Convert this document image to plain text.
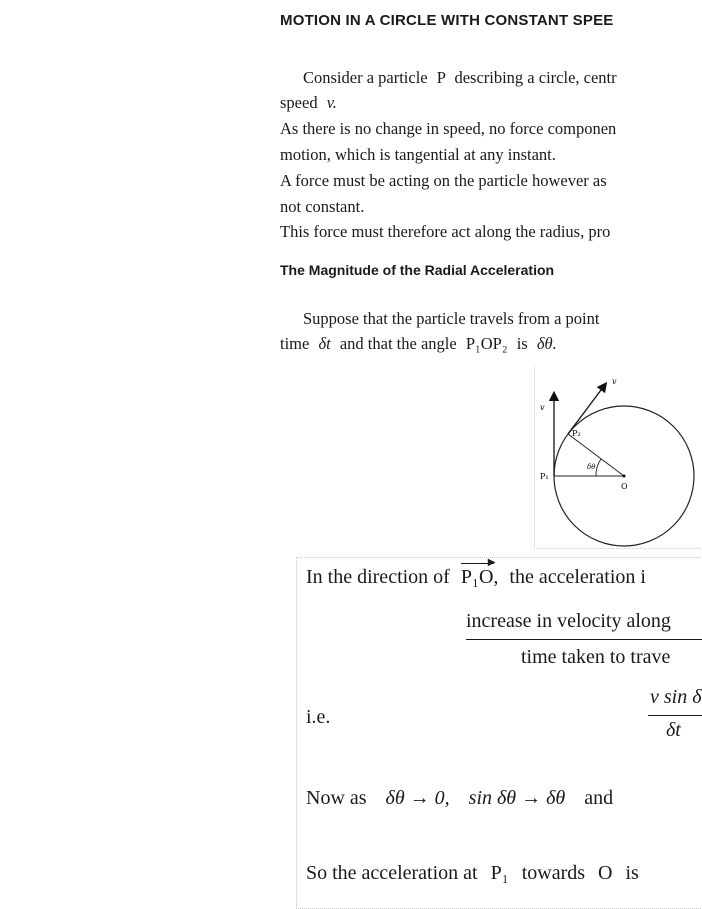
MOTION IN A CIRCLE WITH CONSTANT SPEE
Consider a particle P describing a circle, centr
speed v.
As there is no change in speed, no force componen
motion, which is tangential at any instant.
A force must be acting on the particle however as
not constant.
This force must therefore act along the radius, pro
The Magnitude of the Radial Acceleration
Suppose that the particle travels from a point
time δt and that the angle P₁OP₂ is δθ.
v
v
P₁
P₂
O
δθ
In the direction of
▶
P₁O, the acceleration i
increase in velocity along
time taken to trave
i.e.
v sin δ
δt
Now as δθ → 0, sin δθ → δθ and
So the acceleration at P₁ towards O is
